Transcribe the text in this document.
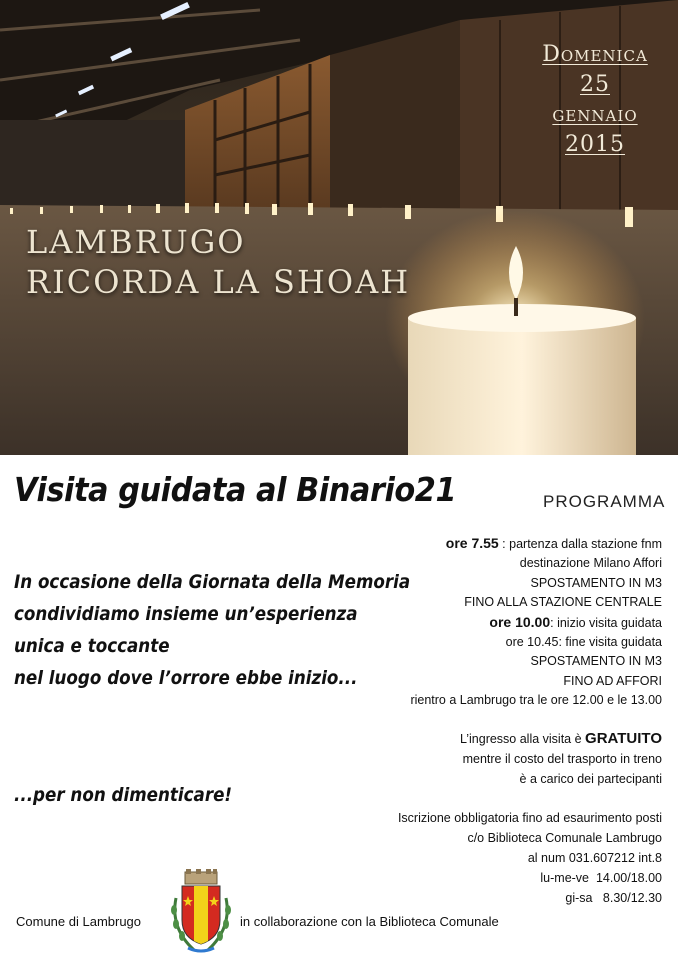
Domenica
25
gennaio
2015
LAMBRUGO
RICORDA LA SHOAH
Visita guidata al Binario21	PROGRAMMA
ore 7.55 : partenza dalla stazione fnm
destinazione Milano Affori
SPOSTAMENTO IN M3
FINO ALLA STAZIONE CENTRALE
ore 10.00: inizio visita guidata
ore 10.45: fine visita guidata
SPOSTAMENTO IN M3
FINO AD AFFORI
rientro a Lambrugo tra le ore 12.00 e le 13.00
In occasione della Giornata della Memoria
condividiamo insieme un’esperienza
unica e toccante
nel luogo dove l’orrore ebbe inizio...
...per non dimenticare!
L’ingresso alla visita è GRATUITO
mentre il costo del trasporto in treno
è a carico dei partecipanti
Iscrizione obbligatoria fino ad esaurimento posti
c/o Biblioteca Comunale Lambrugo
al num 031.607212 int.8
lu-me-ve  14.00/18.00
gi-sa   8.30/12.30
Comune di Lambrugo	in collaborazione con la Biblioteca Comunale
